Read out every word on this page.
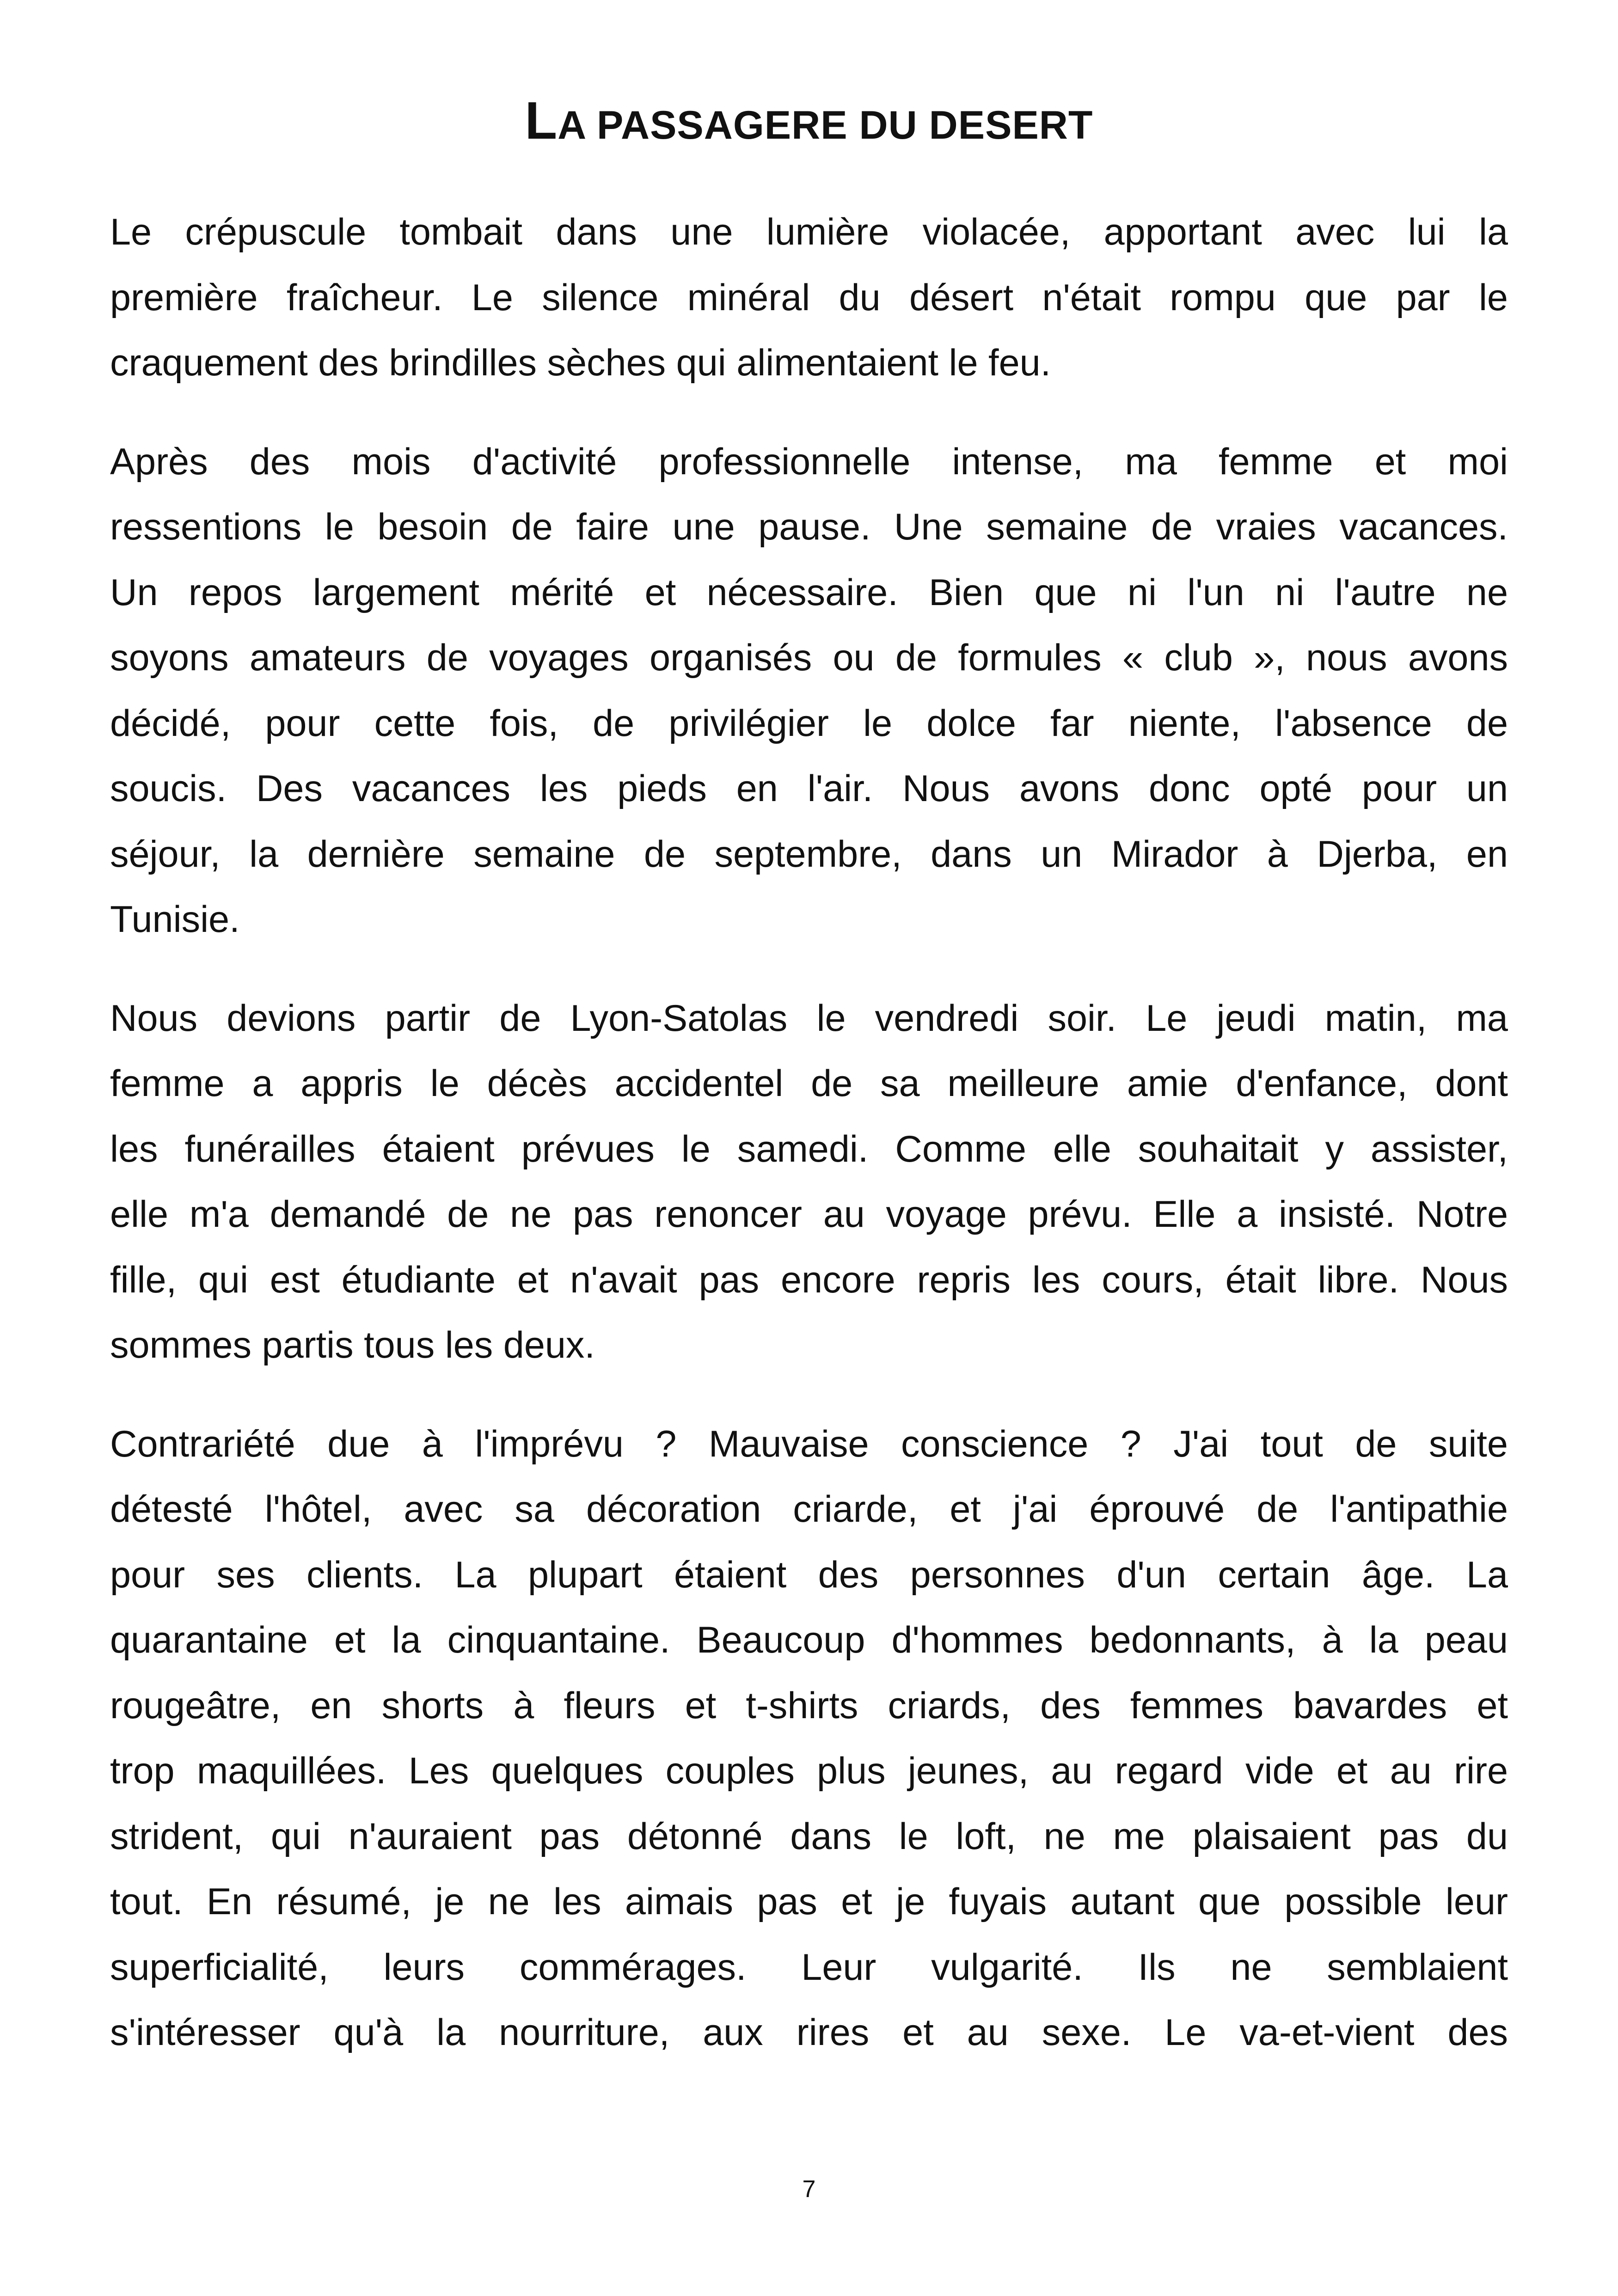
LA PASSAGERE DU DESERT
Le crépuscule tombait dans une lumière violacée, apportant avec lui la
première fraîcheur. Le silence minéral du désert n'était rompu que par le
craquement des brindilles sèches qui alimentaient le feu.
Après des mois d'activité professionnelle intense, ma femme et moi
ressentions le besoin de faire une pause. Une semaine de vraies vacances.
Un repos largement mérité et nécessaire. Bien que ni l'un ni l'autre ne
soyons amateurs de voyages organisés ou de formules « club », nous avons
décidé, pour cette fois, de privilégier le dolce far niente, l'absence de
soucis. Des vacances les pieds en l'air. Nous avons donc opté pour un
séjour, la dernière semaine de septembre, dans un Mirador à Djerba, en
Tunisie.
Nous devions partir de Lyon-Satolas le vendredi soir. Le jeudi matin, ma
femme a appris le décès accidentel de sa meilleure amie d'enfance, dont
les funérailles étaient prévues le samedi. Comme elle souhaitait y assister,
elle m'a demandé de ne pas renoncer au voyage prévu. Elle a insisté. Notre
fille, qui est étudiante et n'avait pas encore repris les cours, était libre. Nous
sommes partis tous les deux.
Contrariété due à l'imprévu ? Mauvaise conscience ? J'ai tout de suite
détesté l'hôtel, avec sa décoration criarde, et j'ai éprouvé de l'antipathie
pour ses clients. La plupart étaient des personnes d'un certain âge. La
quarantaine et la cinquantaine. Beaucoup d'hommes bedonnants, à la peau
rougeâtre, en shorts à fleurs et t-shirts criards, des femmes bavardes et
trop maquillées. Les quelques couples plus jeunes, au regard vide et au rire
strident, qui n'auraient pas détonné dans le loft, ne me plaisaient pas du
tout. En résumé, je ne les aimais pas et je fuyais autant que possible leur
superficialité, leurs commérages. Leur vulgarité. Ils ne semblaient
s'intéresser qu'à la nourriture, aux rires et au sexe. Le va-et-vient des
7
